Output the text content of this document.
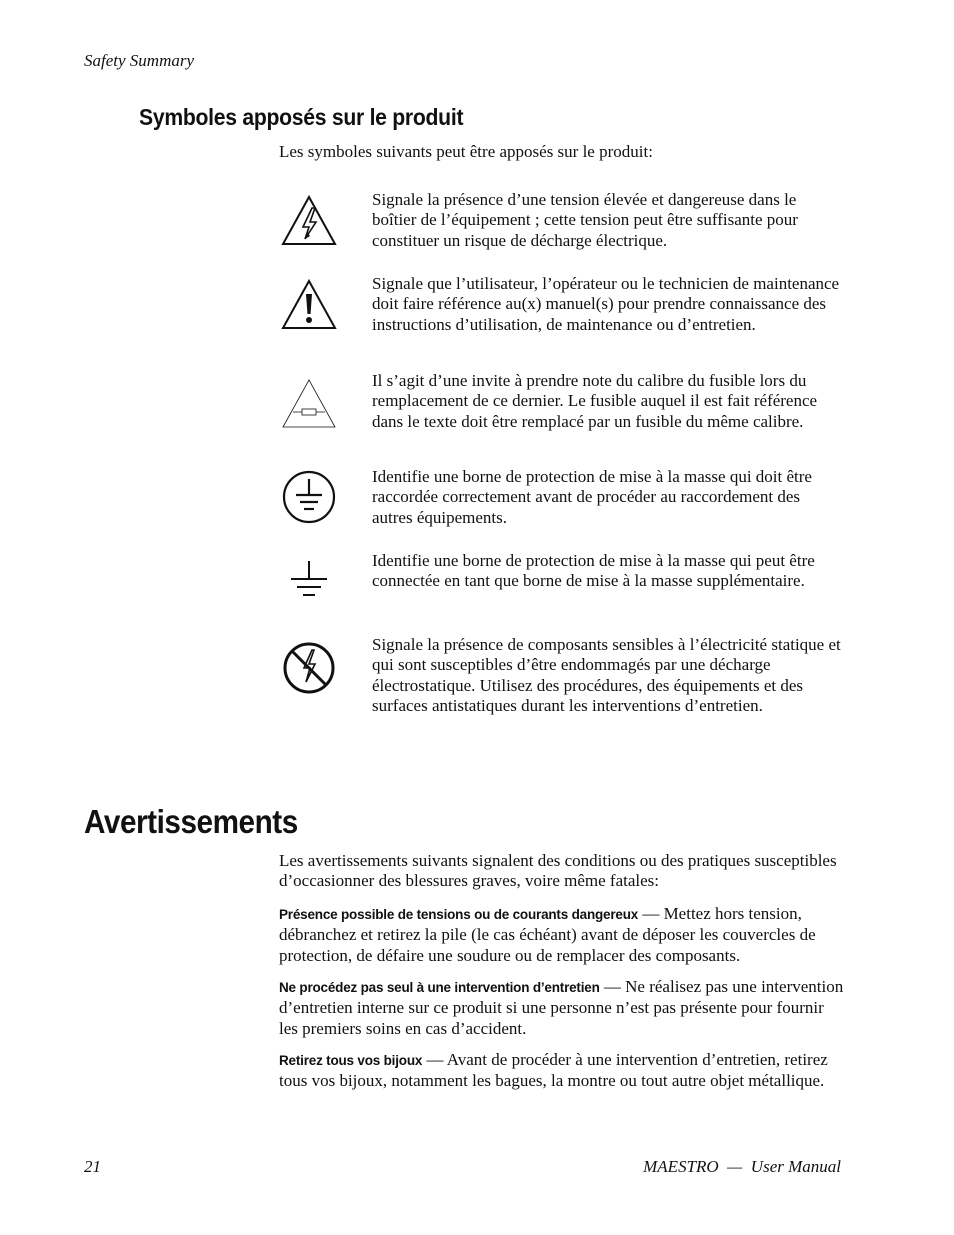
Safety Summary
Symboles apposés sur le produit

Les symboles suivants peut être apposés sur le produit:

Signale la présence d’une tension élevée et dangereuse dans le boîtier de l’équipement ; cette tension peut être suffisante pour constituer un risque de décharge électrique.

Signale que l’utilisateur, l’opérateur ou le technicien de maintenance doit faire référence au(x) manuel(s) pour prendre connaissance des instructions d’utilisation, de maintenance ou d’entretien.

Il s’agit d’une invite à prendre note du calibre du fusible lors du remplacement de ce dernier. Le fusible auquel il est fait référence dans le texte doit être remplacé par un fusible du même calibre.

Identifie une borne de protection de mise à la masse qui doit être raccordée correctement avant de procéder au raccordement des autres équipements.

Identifie une borne de protection de mise à la masse qui peut être connectée en tant que borne de mise à la masse supplémentaire.

Signale la présence de composants sensibles à l’électricité statique et qui sont susceptibles d’être endommagés par une décharge électrostatique. Utilisez des procédures, des équipements et des surfaces antistatiques durant les interventions d’entretien.

Avertissements

Les avertissements suivants signalent des conditions ou des pratiques susceptibles d’occasionner des blessures graves, voire même fatales:

Présence possible de tensions ou de courants dangereux — Mettez hors tension, débranchez et retirez la pile (le cas échéant) avant de déposer les couvercles de protection, de défaire une soudure ou de remplacer des composants.

Ne procédez pas seul à une intervention d’entretien — Ne réalisez pas une intervention d’entretien interne sur ce produit si une personne n’est pas présente pour fournir les premiers soins en cas d’accident.

Retirez tous vos bijoux — Avant de procéder à une intervention d’entretien, retirez tous vos bijoux, notamment les bagues, la montre ou tout autre objet métallique.

21	MAESTRO  —  User Manual
